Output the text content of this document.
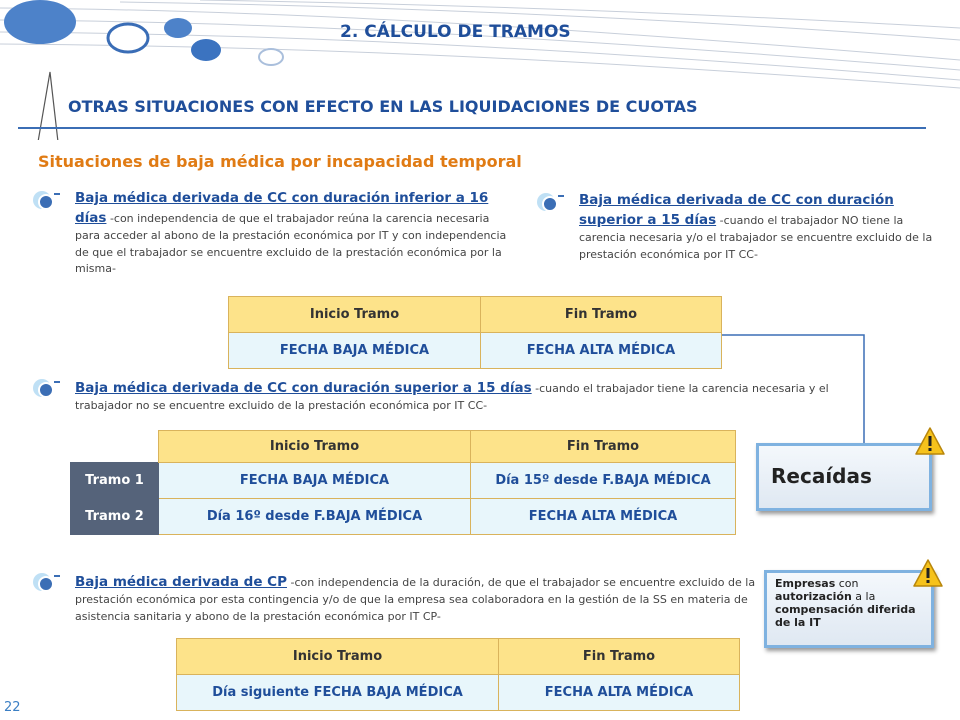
2. CÁLCULO DE TRAMOS
OTRAS SITUACIONES CON EFECTO EN LAS LIQUIDACIONES DE CUOTAS
Situaciones de baja médica por incapacidad temporal
Baja médica derivada de CC con duración inferior a 16 días -con independencia de que el trabajador reúna la carencia necesaria para acceder al abono de la prestación económica por IT y con independencia de que el trabajador se encuentre excluido de la prestación económica por la misma-
Baja médica derivada de CC con duración superior a 15 días -cuando el trabajador NO tiene la carencia necesaria y/o el trabajador se encuentre excluido de la prestación económica por IT CC-
Inicio Tramo	Fin Tramo
FECHA BAJA MÉDICA	FECHA ALTA MÉDICA
Baja médica derivada de CC con duración superior a 15 días -cuando el trabajador tiene la carencia necesaria y el trabajador no se encuentre excluido de la prestación económica por IT CC-
	Inicio Tramo	Fin Tramo
Tramo 1	FECHA BAJA MÉDICA	Día 15º desde F.BAJA MÉDICA
Tramo 2	Día 16º desde F.BAJA MÉDICA	FECHA ALTA MÉDICA
Recaídas
Baja médica derivada de CP -con independencia de la duración, de que el trabajador se encuentre excluido de la prestación económica por esta contingencia y/o de que la empresa sea colaboradora en la gestión de la SS en materia de asistencia sanitaria y abono de la prestación económica por IT CP-
Inicio Tramo	Fin Tramo
Día siguiente FECHA BAJA MÉDICA	FECHA ALTA MÉDICA
Empresas con autorización a la compensación diferida de la IT
22
